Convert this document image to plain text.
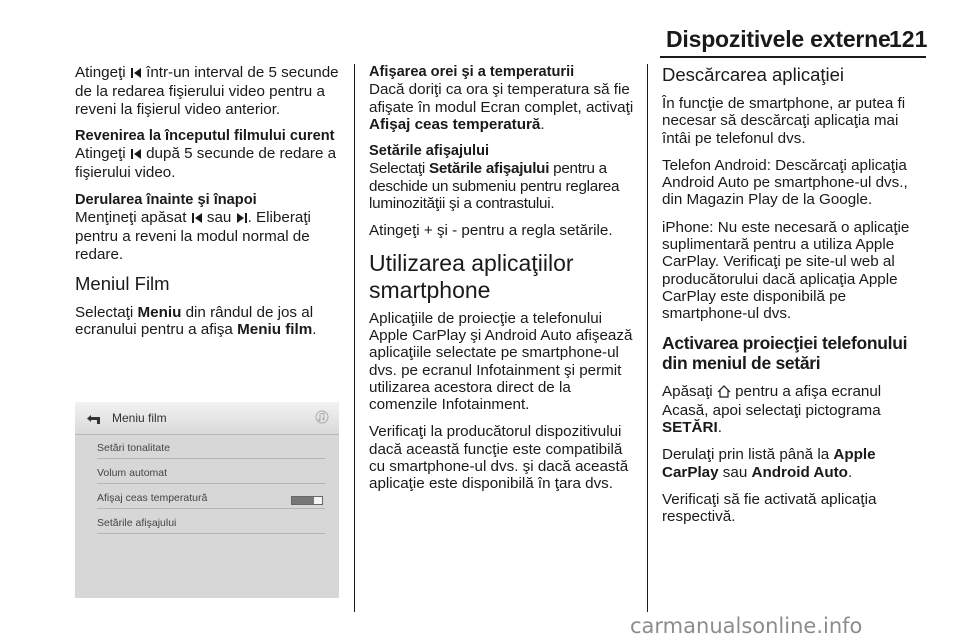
Dispozitivele externe
121

Atingeţi  într-un interval de 5 secunde de la redarea fişierului video pentru a reveni la fişierul video anterior.

Revenirea la începutul filmului curent

Atingeţi  după 5 secunde de redare a fişierului video.

Derularea înainte şi înapoi

Menţineţi apăsat  sau . Eliberaţi pentru a reveni la modul normal de redare.

Meniul Film

Selectaţi Meniu din rândul de jos al ecranului pentru a afişa Meniu film.

Meniu film
Setări tonalitate
Volum automat
Afişaj ceas temperatură
Setările afişajului

Afişarea orei şi a temperaturii

Dacă doriţi ca ora şi temperatura să fie afişate în modul Ecran complet, activaţi Afişaj ceas temperatură.

Setările afişajului

Selectaţi Setările afişajului pentru a deschide un submeniu pentru reglarea luminozităţii şi a contrastului.

Atingeţi + şi - pentru a regla setările.

Utilizarea aplicaţiilor smartphone

Aplicaţiile de proiecţie a telefonului Apple CarPlay şi Android Auto afişează aplicaţiile selectate pe smartphone-ul dvs. pe ecranul Infotainment şi permit utilizarea acestora direct de la comenzile Infotainment.

Verificaţi la producătorul dispozitivului dacă această funcţie este compatibilă cu smartphone-ul dvs. şi dacă această aplicaţie este disponibilă în ţara dvs.

Descărcarea aplicaţiei

În funcţie de smartphone, ar putea fi necesar să descărcaţi aplicaţia mai întâi pe telefonul dvs.

Telefon Android: Descărcaţi aplicaţia Android Auto pe smartphone-ul dvs., din Magazin Play de la Google.

iPhone: Nu este necesară o aplicaţie suplimentară pentru a utiliza Apple CarPlay. Verificaţi pe site-ul web al producătorului dacă aplicaţia Apple CarPlay este disponibilă pe smartphone-ul dvs.

Activarea proiecţiei telefonului din meniul de setări

Apăsaţi  pentru a afişa ecranul Acasă, apoi selectaţi pictograma SETĂRI.

Derulaţi prin listă până la Apple CarPlay sau Android Auto.

Verificaţi să fie activată aplicaţia respectivă.

carmanualsonline.info
